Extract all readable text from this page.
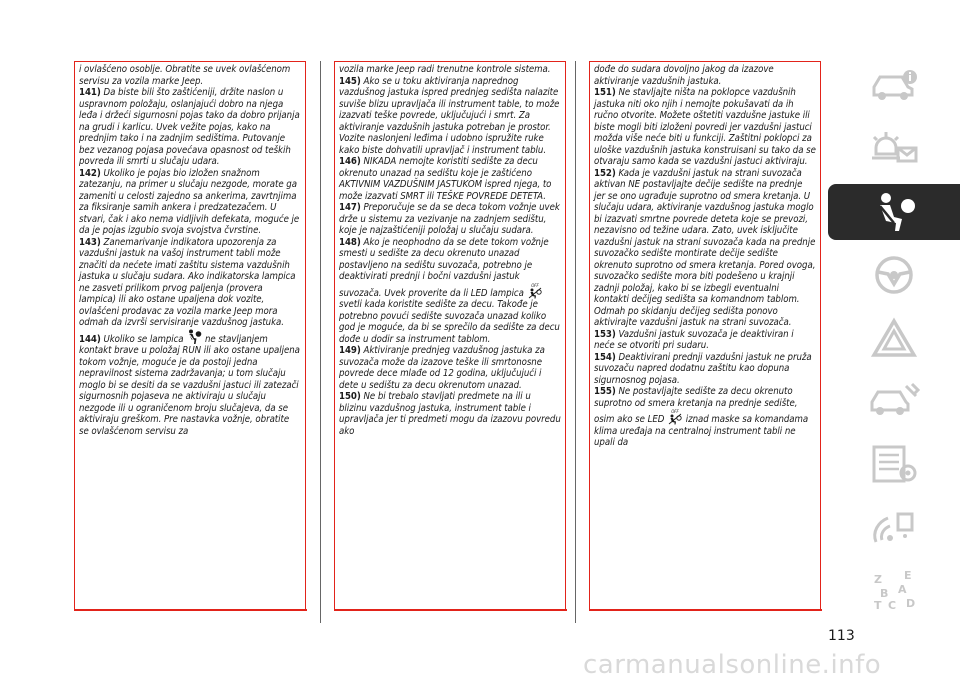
i ovlašćeno osoblje. Obratite se uvek ovlašćenom servisu za vozila marke Jeep.

141) Da biste bili što zaštićeniji, držite naslon u uspravnom položaju, oslanjajući dobro na njega leđa i držeći sigurnosni pojas tako da dobro prijanja na grudi i karlicu. Uvek vežite pojas, kako na prednjim tako i na zadnjim sedištima. Putovanje bez vezanog pojasa povećava opasnost od teških povreda ili smrti u slučaju udara.

142) Ukoliko je pojas bio izložen snažnom zatezanju, na primer u slučaju nezgode, morate ga zameniti u celosti zajedno sa ankerima, zavrtnjima za fiksiranje samih ankera i predzatezačem. U stvari, čak i ako nema vidljivih defekata, moguće je da je pojas izgubio svoja svojstva čvrstine.

143) Zanemarivanje indikatora upozorenja za vazdušni jastuk na vašoj instrument tabli može značiti da nećete imati zaštitu sistema vazdušnih jastuka u slučaju sudara. Ako indikatorska lampica ne zasveti prilikom prvog paljenja (provera lampica) ili ako ostane upaljena dok vozite, ovlašćeni prodavac za vozila marke Jeep mora odmah da izvrši servisiranje vazdušnog jastuka.

144) Ukoliko se lampica ne stavljanjem kontakt brave u položaj RUN ili ako ostane upaljena tokom vožnje, moguće je da postoji jedna nepravilnost sistema zadržavanja; u tom slučaju moglo bi se desiti da se vazdušni jastuci ili zatezači sigurnosnih pojaseva ne aktiviraju u slučaju nezgode ili u ograničenom broju slučajeva, da se aktiviraju greškom. Pre nastavka vožnje, obratite se ovlašćenom servisu za

vozila marke Jeep radi trenutne kontrole sistema.

145) Ako se u toku aktiviranja naprednog vazdušnog jastuka ispred prednjeg sedišta nalazite suviše blizu upravljača ili instrument table, to može izazvati teške povrede, uključujući i smrt. Za aktiviranje vazdušnih jastuka potreban je prostor. Vozite naslonjeni leđima i udobno ispružite ruke kako biste dohvatili upravljač i instrument tablu.

146) NIKADA nemojte koristiti sedište za decu okrenuto unazad na sedištu koje je zaštićeno AKTIVNIM VAZDUŠNIM JASTUKOM ispred njega, to može izazvati SMRT ili TEŠKE POVREDE DETETA.

147) Preporučuje se da se deca tokom vožnje uvek drže u sistemu za vezivanje na zadnjem sedištu, koje je najzaštićeniji položaj u slučaju sudara.

148) Ako je neophodno da se dete tokom vožnje smesti u sedište za decu okrenuto unazad postavljeno na sedištu suvozača, potrebno je deaktivirati prednji i bočni vazdušni jastuk suvozača. Uvek proverite da li LED lampica
OFF
svetli kada koristite sedište za decu. Takođe je potrebno povući sedište suvozača unazad koliko god je moguće, da bi se sprečilo da sedište za decu dođe u dodir sa instrument tablom.

149) Aktiviranje prednjeg vazdušnog jastuka za suvozača može da izazove teške ili smrtonosne povrede dece mlađe od 12 godina, uključujući i dete u sedištu za decu okrenutom unazad.

150) Ne bi trebalo stavljati predmete na ili u blizinu vazdušnog jastuka, instrument table i upravljača jer ti predmeti mogu da izazovu povredu ako

dođe do sudara dovoljno jakog da izazove aktiviranje vazdušnih jastuka.

151) Ne stavljajte ništa na poklopce vazdušnih jastuka niti oko njih i nemojte pokušavati da ih ručno otvorite. Možete oštetiti vazdušne jastuke ili biste mogli biti izloženi povredi jer vazdušni jastuci možda više neće biti u funkciji. Zaštitni poklopci za uloške vazdušnih jastuka konstruisani su tako da se otvaraju samo kada se vazdušni jastuci aktiviraju.

152) Kada je vazdušni jastuk na strani suvozača aktivan NE postavljajte dečije sedište na prednje jer se ono ugrađuje suprotno od smera kretanja. U slučaju udara, aktiviranje vazdušnog jastuka moglo bi izazvati smrtne povrede deteta koje se prevozi, nezavisno od težine udara. Zato, uvek isključite vazdušni jastuk na strani suvozača kada na prednje suvozačko sedište montirate dečije sedište okrenuto suprotno od smera kretanja. Pored ovoga, suvozačko sedište mora biti podešeno u krajnji zadnji položaj, kako bi se izbegli eventualni kontakti dečijeg sedišta sa komandnom tablom. Odmah po skidanju dečijeg sedišta ponovo aktivirajte vazdušni jastuk na strani suvozača.

153) Vazdušni jastuk suvozača je deaktiviran i neće se otvoriti pri sudaru.

154) Deaktivirani prednji vazdušni jastuk ne pruža suvozaču napred dodatnu zaštitu kao dopuna sigurnosnog pojasa.

155) Ne postavljajte sedište za decu okrenuto suprotno od smera kretanja na prednje sedište, osim ako se LED
OFF
iznad maske sa komandama klima uređaja na centralnoj instrument tabli ne upali da

Z E
B A
C
T D
113
carmanualsonline.info
